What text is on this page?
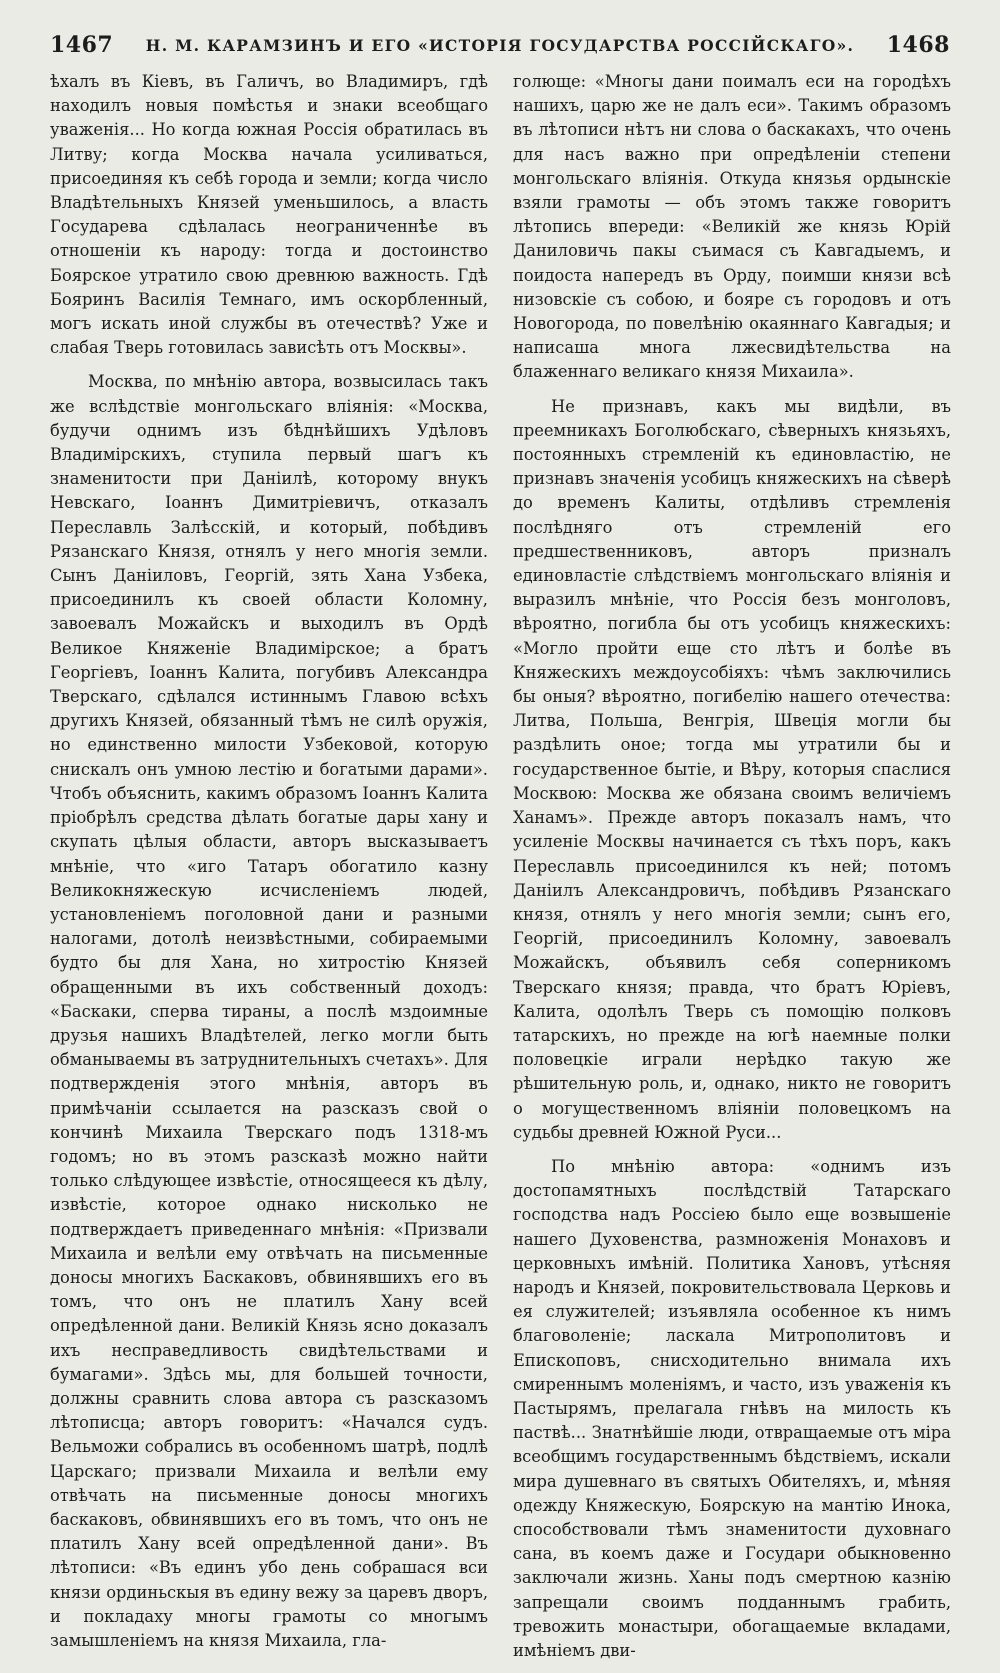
1467 Н. М. КАРАМЗИНЪ И ЕГО «ИСТОРІЯ ГОСУДАРСТВА РОССІЙСКАГО». 1468

ѣхалъ въ Кіевъ, въ Галичъ, во Владимиръ, гдѣ находилъ новыя помѣстья и знаки всеобщаго уваженія... Но когда южная Россія обратилась въ Литву; когда Москва начала усиливаться, присоединяя къ себѣ города и земли; когда число Владѣтельныхъ Князей уменьшилось, а власть Государева сдѣлалась неограниченнѣе въ отношеніи къ народу: тогда и достоинство Боярское утратило свою древнюю важность. Гдѣ Бояринъ Василія Темнаго, имъ оскорбленный, могъ искать иной службы въ отечествѣ? Уже и слабая Тверь готовилась зависѣть отъ Москвы».

Москва, по мнѣнію автора, возвысилась такъ же вслѣдствіе монгольскаго вліянія: «Москва, будучи однимъ изъ бѣднѣйшихъ Удѣловъ Владимірскихъ, ступила первый шагъ къ знаменитости при Даніилѣ, которому внукъ Невскаго, Іоаннъ Димитріевичъ, отказалъ Переславль Залѣсскій, и который, побѣдивъ Рязанскаго Князя, отнялъ у него многія земли. Сынъ Даніиловъ, Георгій, зять Хана Узбека, присоединилъ къ своей области Коломну, завоевалъ Можайскъ и выходилъ въ Ордѣ Великое Княженіе Владимірское; а братъ Георгіевъ, Іоаннъ Калита, погубивъ Александра Тверскаго, сдѣлался истиннымъ Главою всѣхъ другихъ Князей, обязанный тѣмъ не силѣ оружія, но единственно милости Узбековой, которую снискалъ онъ умною лестію и богатыми дарами». Чтобъ объяснить, какимъ образомъ Іоаннъ Калита пріобрѣлъ средства дѣлать богатые дары хану и скупать цѣлыя области, авторъ высказываетъ мнѣніе, что «иго Татаръ обогатило казну Великокняжескую исчисленіемъ людей, установленіемъ поголовной дани и разными налогами, дотолѣ неизвѣстными, собираемыми будто бы для Хана, но хитростію Князей обращенными въ ихъ собственный доходъ: «Баскаки, сперва тираны, а послѣ мздоимные друзья нашихъ Владѣтелей, легко могли быть обманываемы въ затруднительныхъ счетахъ». Для подтвержденія этого мнѣнія, авторъ въ примѣчаніи ссылается на разсказъ свой о кончинѣ Михаила Тверскаго подъ 1318-мъ годомъ; но въ этомъ разсказѣ можно найти только слѣдующее извѣстіе, относящееся къ дѣлу, извѣстіе, которое однако нисколько не подтверждаетъ приведеннаго мнѣнія: «Призвали Михаила и велѣли ему отвѣчать на письменные доносы многихъ Баскаковъ, обвинявшихъ его въ томъ, что онъ не платилъ Хану всей опредѣленной дани. Великій Князь ясно доказалъ ихъ несправедливость свидѣтельствами и бумагами». Здѣсь мы, для большей точности, должны сравнить слова автора съ разсказомъ лѣтописца; авторъ говоритъ: «Начался судъ. Вельможи собрались въ особенномъ шатрѣ, подлѣ Царскаго; призвали Михаила и велѣли ему отвѣчать на письменные доносы многихъ баскаковъ, обвинявшихъ его въ томъ, что онъ не платилъ Хану всей опредѣленной дани». Въ лѣтописи: «Въ единъ убо день собрашася вси князи ординьскыя въ едину вежу за царевъ дворъ, и покладаху многы грамоты со многымъ замышленіемъ на князя Михаила, гла-

голюще: «Многы дани поималъ еси на городѣхъ нашихъ, царю же не далъ еси». Такимъ образомъ въ лѣтописи нѣтъ ни слова о баскакахъ, что очень для насъ важно при опредѣленіи степени монгольскаго вліянія. Откуда князья ордынскіе взяли грамоты — объ этомъ также говоритъ лѣтопись впереди: «Великій же князь Юрій Даниловичь пакы съимася съ Кавгадыемъ, и поидоста напередъ въ Орду, поимши князи всѣ низовскіе съ собою, и бояре съ городовъ и отъ Новогорода, по повелѣнію окаяннаго Кавгадыя; и написаша многа лжесвидѣтельства на блаженнаго великаго князя Михаила».

Не признавъ, какъ мы видѣли, въ преемникахъ Боголюбскаго, сѣверныхъ князьяхъ, постоянныхъ стремленій къ единовластію, не признавъ значенія усобицъ княжескихъ на сѣверѣ до временъ Калиты, отдѣливъ стремленія послѣдняго отъ стремленій его предшественниковъ, авторъ призналъ единовластіе слѣдствіемъ монгольскаго вліянія и выразилъ мнѣніе, что Россія безъ монголовъ, вѣроятно, погибла бы отъ усобицъ княжескихъ: «Могло пройти еще сто лѣтъ и болѣе въ Княжескихъ междоусобіяхъ: чѣмъ заключились бы оныя? вѣроятно, погибелію нашего отечества: Литва, Польша, Венгрія, Швеція могли бы раздѣлить оное; тогда мы утратили бы и государственное бытіе, и Вѣру, которыя спаслися Москвою: Москва же обязана своимъ величіемъ Ханамъ». Прежде авторъ показалъ намъ, что усиленіе Москвы начинается съ тѣхъ поръ, какъ Переславль присоединился къ ней; потомъ Даніилъ Александровичъ, побѣдивъ Рязанскаго князя, отнялъ у него многія земли; сынъ его, Георгій, присоединилъ Коломну, завоевалъ Можайскъ, объявилъ себя соперникомъ Тверскаго князя; правда, что братъ Юріевъ, Калита, одолѣлъ Тверь съ помощію полковъ татарскихъ, но прежде на югѣ наемные полки половецкіе играли нерѣдко такую же рѣшительную роль, и, однако, никто не говоритъ о могущественномъ вліяніи половецкомъ на судьбы древней Южной Руси...

По мнѣнію автора: «однимъ изъ достопамятныхъ послѣдствій Татарскаго господства надъ Россіею было еще возвышеніе нашего Духовенства, размноженія Монаховъ и церковныхъ имѣній. Политика Хановъ, утѣсняя народъ и Князей, покровительствовала Церковь и ея служителей; изъявляла особенное къ нимъ благоволеніе; ласкала Митрополитовъ и Епископовъ, снисходительно внимала ихъ смиреннымъ моленіямъ, и часто, изъ уваженія къ Пастырямъ, прелагала гнѣвъ на милость къ паствѣ... Знатнѣйшіе люди, отвращаемые отъ міра всеобщимъ государственнымъ бѣдствіемъ, искали мира душевнаго въ святыхъ Обителяхъ, и, мѣняя одежду Княжескую, Боярскую на мантію Инока, способствовали тѣмъ знаменитости духовнаго сана, въ коемъ даже и Государи обыкновенно заключали жизнь. Ханы подъ смертною казнію запрещали своимъ подданнымъ грабить, тревожить монастыри, обогащаемые вкладами, имѣніемъ дви-
